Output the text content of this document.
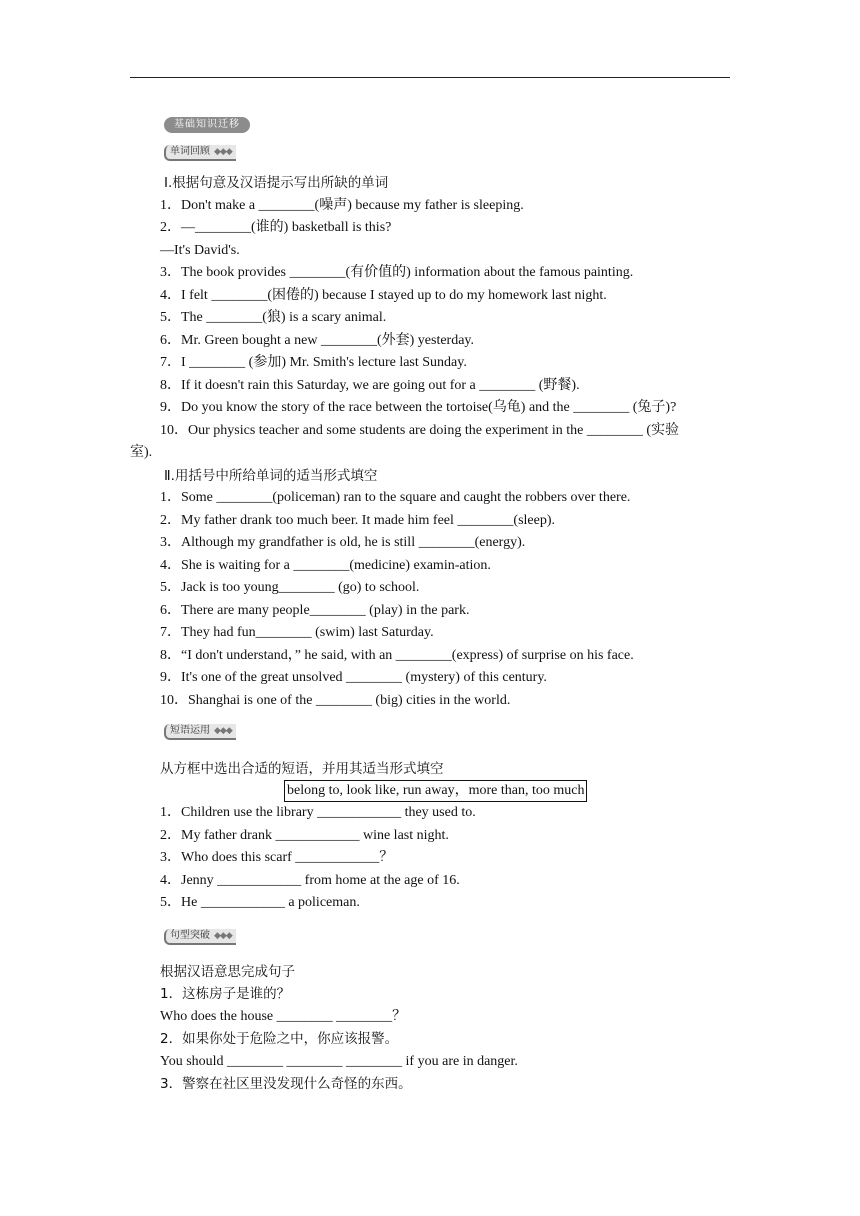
基础知识迁移
单词回顾 ◆◆◆
Ⅰ.根据句意及汉语提示写出所缺的单词
1．Don't make a ________(噪声) because my father is sleeping.
2．—________(谁的) basketball is this?
—It's David's.
3．The book provides ________(有价值的) information about the famous painting.
4．I felt ________(困倦的) because I stayed up to do my homework last night.
5．The ________(狼) is a scary animal.
6．Mr. Green bought a new ________(外套) yesterday.
7．I ________ (参加) Mr. Smith's lecture last Sunday.
8．If it doesn't rain this Saturday, we are going out for a ________ (野餐).
9．Do you know the story of the race between the tortoise(乌龟) and the ________ (兔子)?
10．Our physics teacher and some students are doing the experiment in the ________ (实验
室).
Ⅱ.用括号中所给单词的适当形式填空
1．Some ________(policeman) ran to the square and caught the robbers over there.
2．My father drank too much beer. It made him feel ________(sleep).
3．Although my grandfather is old, he is still ________(energy).
4．She is waiting for a ________(medicine) examin-ation.
5．Jack is too young________ (go) to school.
6．There are many people________ (play) in the park.
7．They had fun________ (swim) last Saturday.
8．“I don't understand，” he said, with an ________(express) of surprise on his face.
9．It's one of the great unsolved ________ (mystery) of this century.
10．Shanghai is one of the ________ (big) cities in the world.
短语运用 ◆◆◆
从方框中选出合适的短语，并用其适当形式填空
belong to, look like, run away，more than, too much
1．Children use the library ____________ they used to.
2．My father drank ____________ wine last night.
3．Who does this scarf ____________？
4．Jenny ____________ from home at the age of 16.
5．He ____________ a policeman.
句型突破 ◆◆◆
根据汉语意思完成句子
1．这栋房子是谁的？
Who does the house ________ ________？
2．如果你处于危险之中，你应该报警。
You should ________ ________ ________ if you are in danger.
3．警察在社区里没发现什么奇怪的东西。
